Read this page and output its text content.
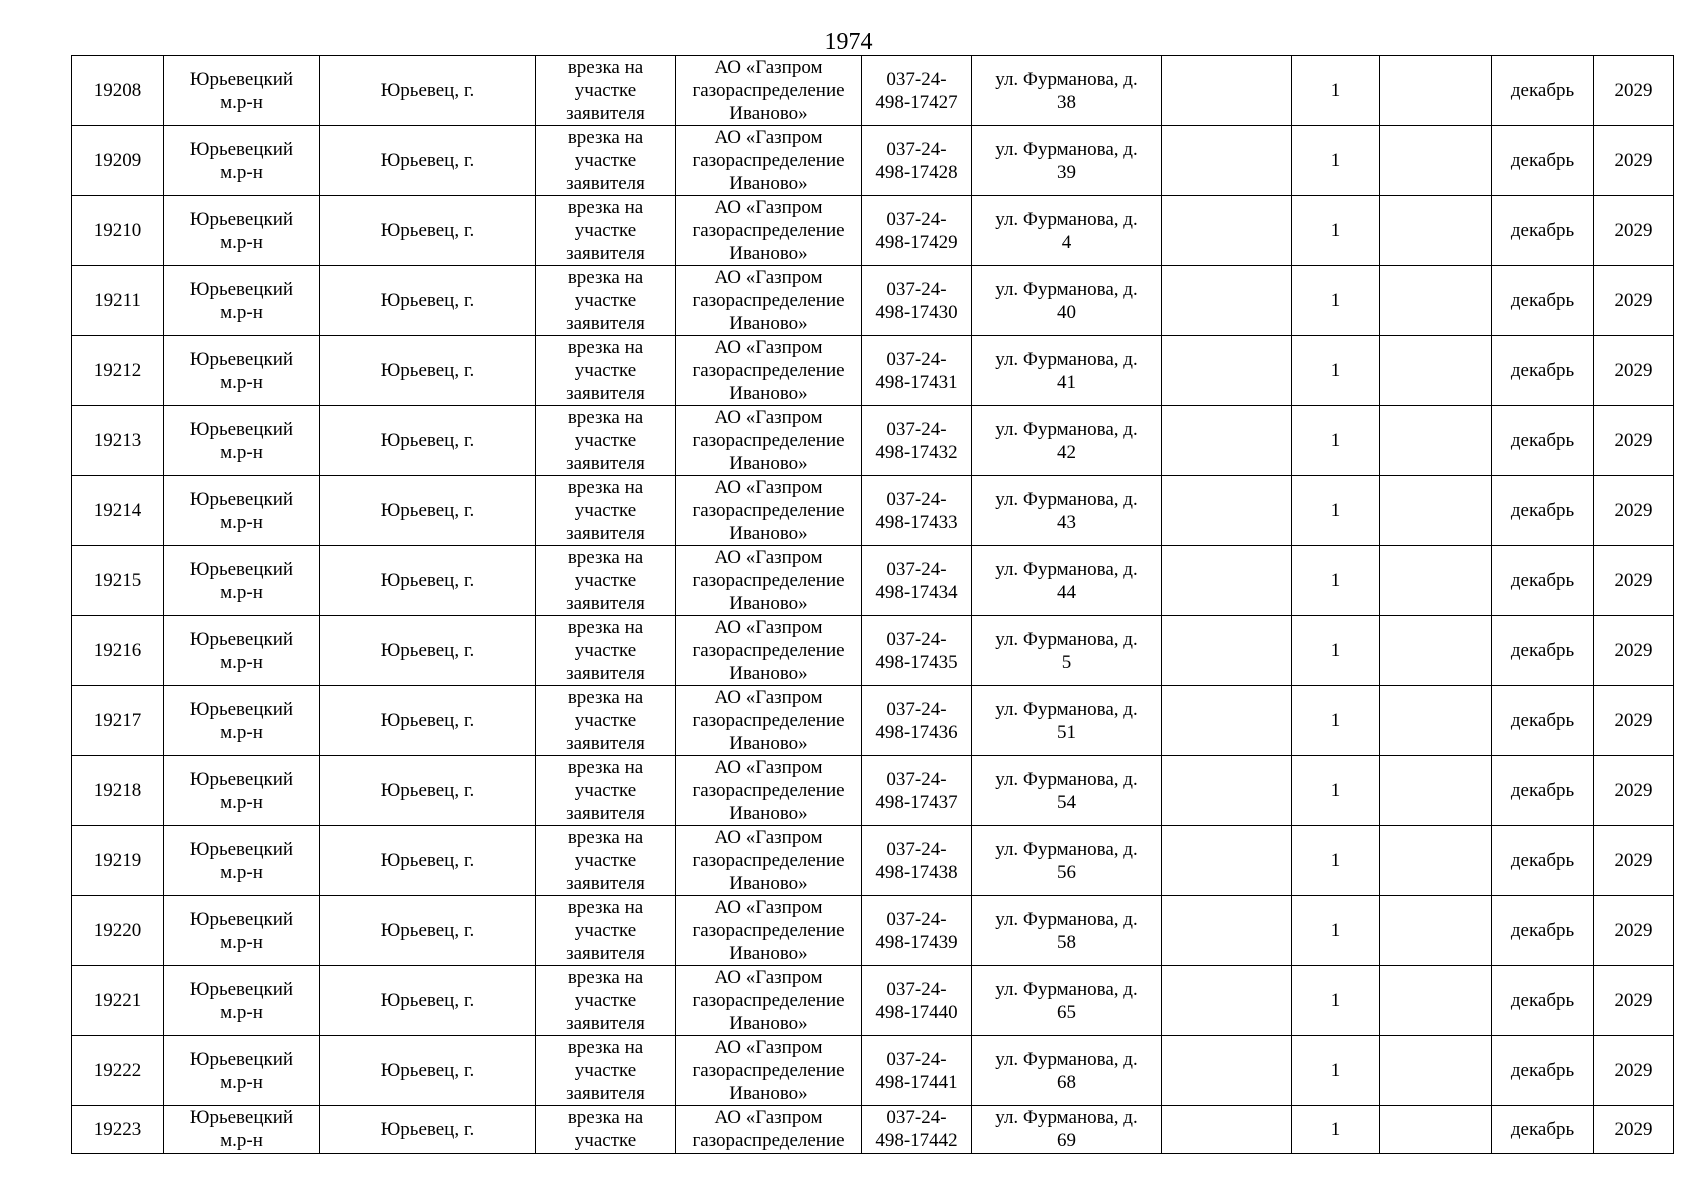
1974
19208	Юрьевецкий
м.р-н	Юрьевец, г.	врезка на
участке
заявителя	АО «Газпром
газораспределение
Иваново»	037-24-
498-17427	ул. Фурманова, д.
38		1		декабрь	2029
19209	Юрьевецкий
м.р-н	Юрьевец, г.	врезка на
участке
заявителя	АО «Газпром
газораспределение
Иваново»	037-24-
498-17428	ул. Фурманова, д.
39		1		декабрь	2029
19210	Юрьевецкий
м.р-н	Юрьевец, г.	врезка на
участке
заявителя	АО «Газпром
газораспределение
Иваново»	037-24-
498-17429	ул. Фурманова, д.
4		1		декабрь	2029
19211	Юрьевецкий
м.р-н	Юрьевец, г.	врезка на
участке
заявителя	АО «Газпром
газораспределение
Иваново»	037-24-
498-17430	ул. Фурманова, д.
40		1		декабрь	2029
19212	Юрьевецкий
м.р-н	Юрьевец, г.	врезка на
участке
заявителя	АО «Газпром
газораспределение
Иваново»	037-24-
498-17431	ул. Фурманова, д.
41		1		декабрь	2029
19213	Юрьевецкий
м.р-н	Юрьевец, г.	врезка на
участке
заявителя	АО «Газпром
газораспределение
Иваново»	037-24-
498-17432	ул. Фурманова, д.
42		1		декабрь	2029
19214	Юрьевецкий
м.р-н	Юрьевец, г.	врезка на
участке
заявителя	АО «Газпром
газораспределение
Иваново»	037-24-
498-17433	ул. Фурманова, д.
43		1		декабрь	2029
19215	Юрьевецкий
м.р-н	Юрьевец, г.	врезка на
участке
заявителя	АО «Газпром
газораспределение
Иваново»	037-24-
498-17434	ул. Фурманова, д.
44		1		декабрь	2029
19216	Юрьевецкий
м.р-н	Юрьевец, г.	врезка на
участке
заявителя	АО «Газпром
газораспределение
Иваново»	037-24-
498-17435	ул. Фурманова, д.
5		1		декабрь	2029
19217	Юрьевецкий
м.р-н	Юрьевец, г.	врезка на
участке
заявителя	АО «Газпром
газораспределение
Иваново»	037-24-
498-17436	ул. Фурманова, д.
51		1		декабрь	2029
19218	Юрьевецкий
м.р-н	Юрьевец, г.	врезка на
участке
заявителя	АО «Газпром
газораспределение
Иваново»	037-24-
498-17437	ул. Фурманова, д.
54		1		декабрь	2029
19219	Юрьевецкий
м.р-н	Юрьевец, г.	врезка на
участке
заявителя	АО «Газпром
газораспределение
Иваново»	037-24-
498-17438	ул. Фурманова, д.
56		1		декабрь	2029
19220	Юрьевецкий
м.р-н	Юрьевец, г.	врезка на
участке
заявителя	АО «Газпром
газораспределение
Иваново»	037-24-
498-17439	ул. Фурманова, д.
58		1		декабрь	2029
19221	Юрьевецкий
м.р-н	Юрьевец, г.	врезка на
участке
заявителя	АО «Газпром
газораспределение
Иваново»	037-24-
498-17440	ул. Фурманова, д.
65		1		декабрь	2029
19222	Юрьевецкий
м.р-н	Юрьевец, г.	врезка на
участке
заявителя	АО «Газпром
газораспределение
Иваново»	037-24-
498-17441	ул. Фурманова, д.
68		1		декабрь	2029
19223	Юрьевецкий
м.р-н	Юрьевец, г.	врезка на
участке	АО «Газпром
газораспределение	037-24-
498-17442	ул. Фурманова, д.
69		1		декабрь	2029
